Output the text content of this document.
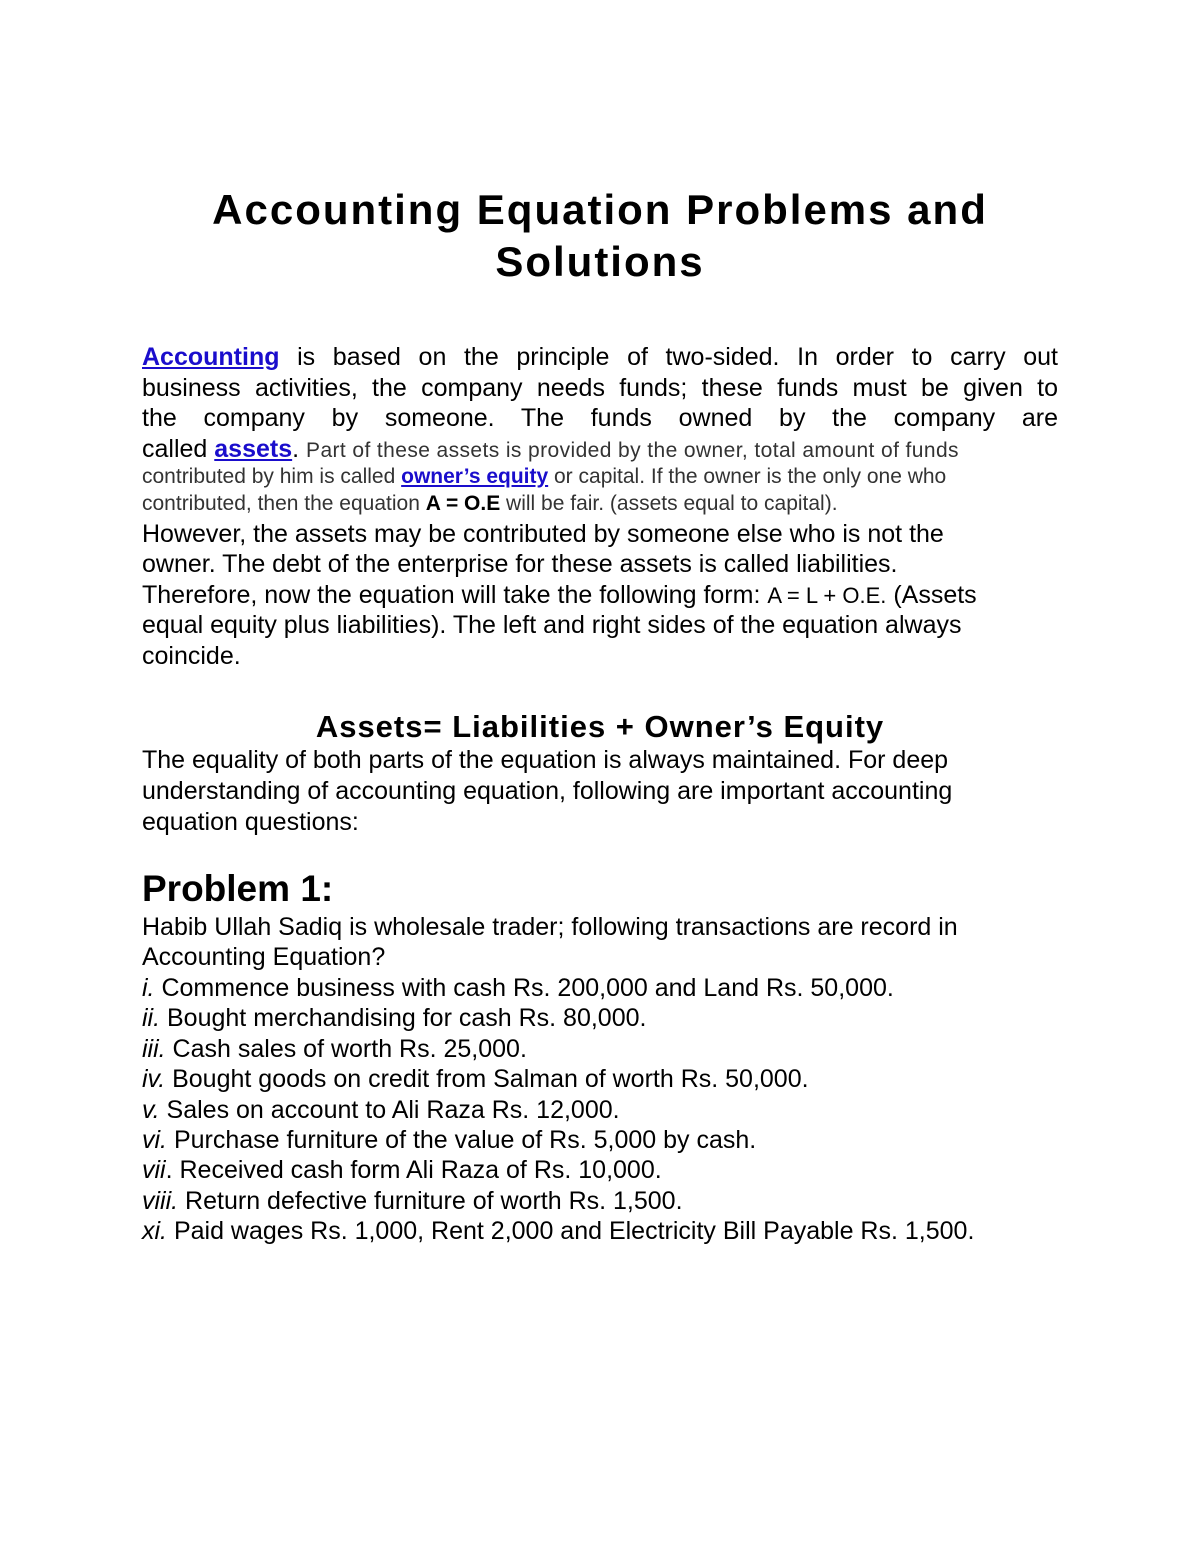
Accounting Equation Problems and
Solutions
Accounting is based on the principle of two-sided. In order to carry out
business activities, the company needs funds; these funds must be given to
the company by someone. The funds owned by the company are
called assets. Part of these assets is provided by the owner, total amount of funds
contributed by him is called owner’s equity or capital. If the owner is the only one who
contributed, then the equation A = O.E will be fair. (assets equal to capital).
However, the assets may be contributed by someone else who is not the
owner. The debt of the enterprise for these assets is called liabilities.
Therefore, now the equation will take the following form: A = L + O.E. (Assets
equal equity plus liabilities). The left and right sides of the equation always
coincide.
Assets= Liabilities + Owner’s Equity
The equality of both parts of the equation is always maintained. For deep
understanding of accounting equation, following are important accounting
equation questions:
Problem 1:
Habib Ullah Sadiq is wholesale trader; following transactions are record in
Accounting Equation?
i. Commence business with cash Rs. 200,000 and Land Rs. 50,000.
ii. Bought merchandising for cash Rs. 80,000.
iii. Cash sales of worth Rs. 25,000.
iv. Bought goods on credit from Salman of worth Rs. 50,000.
v. Sales on account to Ali Raza Rs. 12,000.
vi. Purchase furniture of the value of Rs. 5,000 by cash.
vii. Received cash form Ali Raza of Rs. 10,000.
viii. Return defective furniture of worth Rs. 1,500.
xi. Paid wages Rs. 1,000, Rent 2,000 and Electricity Bill Payable Rs. 1,500.
